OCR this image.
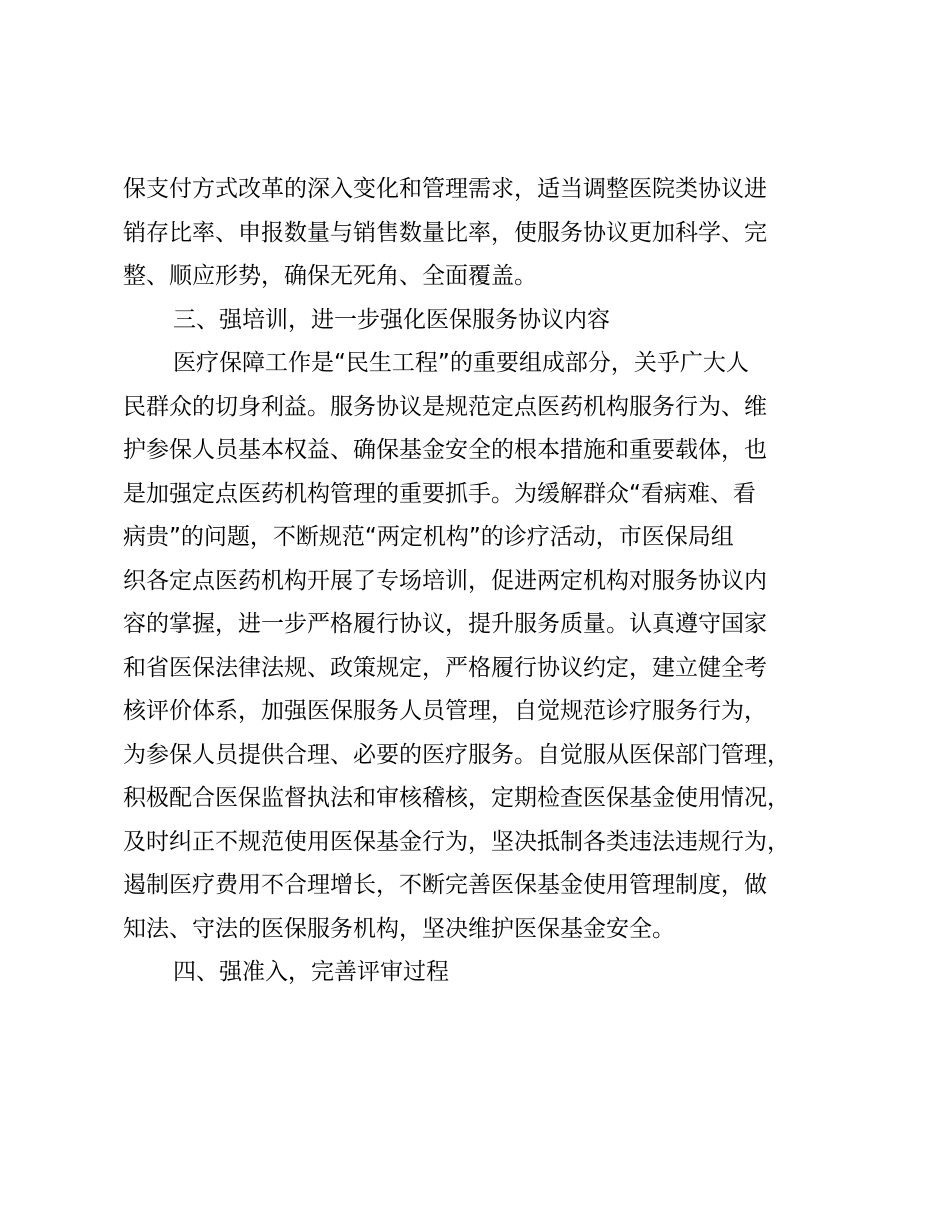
保支付方式改革的深入变化和管理需求，适当调整医院类协议进
销存比率、申报数量与销售数量比率，使服务协议更加科学、完
整、顺应形势，确保无死角、全面覆盖。
三、强培训，进一步强化医保服务协议内容
医疗保障工作是“民生工程”的重要组成部分，关乎广大人
民群众的切身利益。服务协议是规范定点医药机构服务行为、维
护参保人员基本权益、确保基金安全的根本措施和重要载体，也
是加强定点医药机构管理的重要抓手。为缓解群众“看病难、看
病贵”的问题，不断规范“两定机构”的诊疗活动，市医保局组
织各定点医药机构开展了专场培训，促进两定机构对服务协议内
容的掌握，进一步严格履行协议，提升服务质量。认真遵守国家
和省医保法律法规、政策规定，严格履行协议约定，建立健全考
核评价体系，加强医保服务人员管理，自觉规范诊疗服务行为，
为参保人员提供合理、必要的医疗服务。自觉服从医保部门管理，
积极配合医保监督执法和审核稽核，定期检查医保基金使用情况，
及时纠正不规范使用医保基金行为，坚决抵制各类违法违规行为，
遏制医疗费用不合理增长，不断完善医保基金使用管理制度，做
知法、守法的医保服务机构，坚决维护医保基金安全。
四、强准入，完善评审过程
